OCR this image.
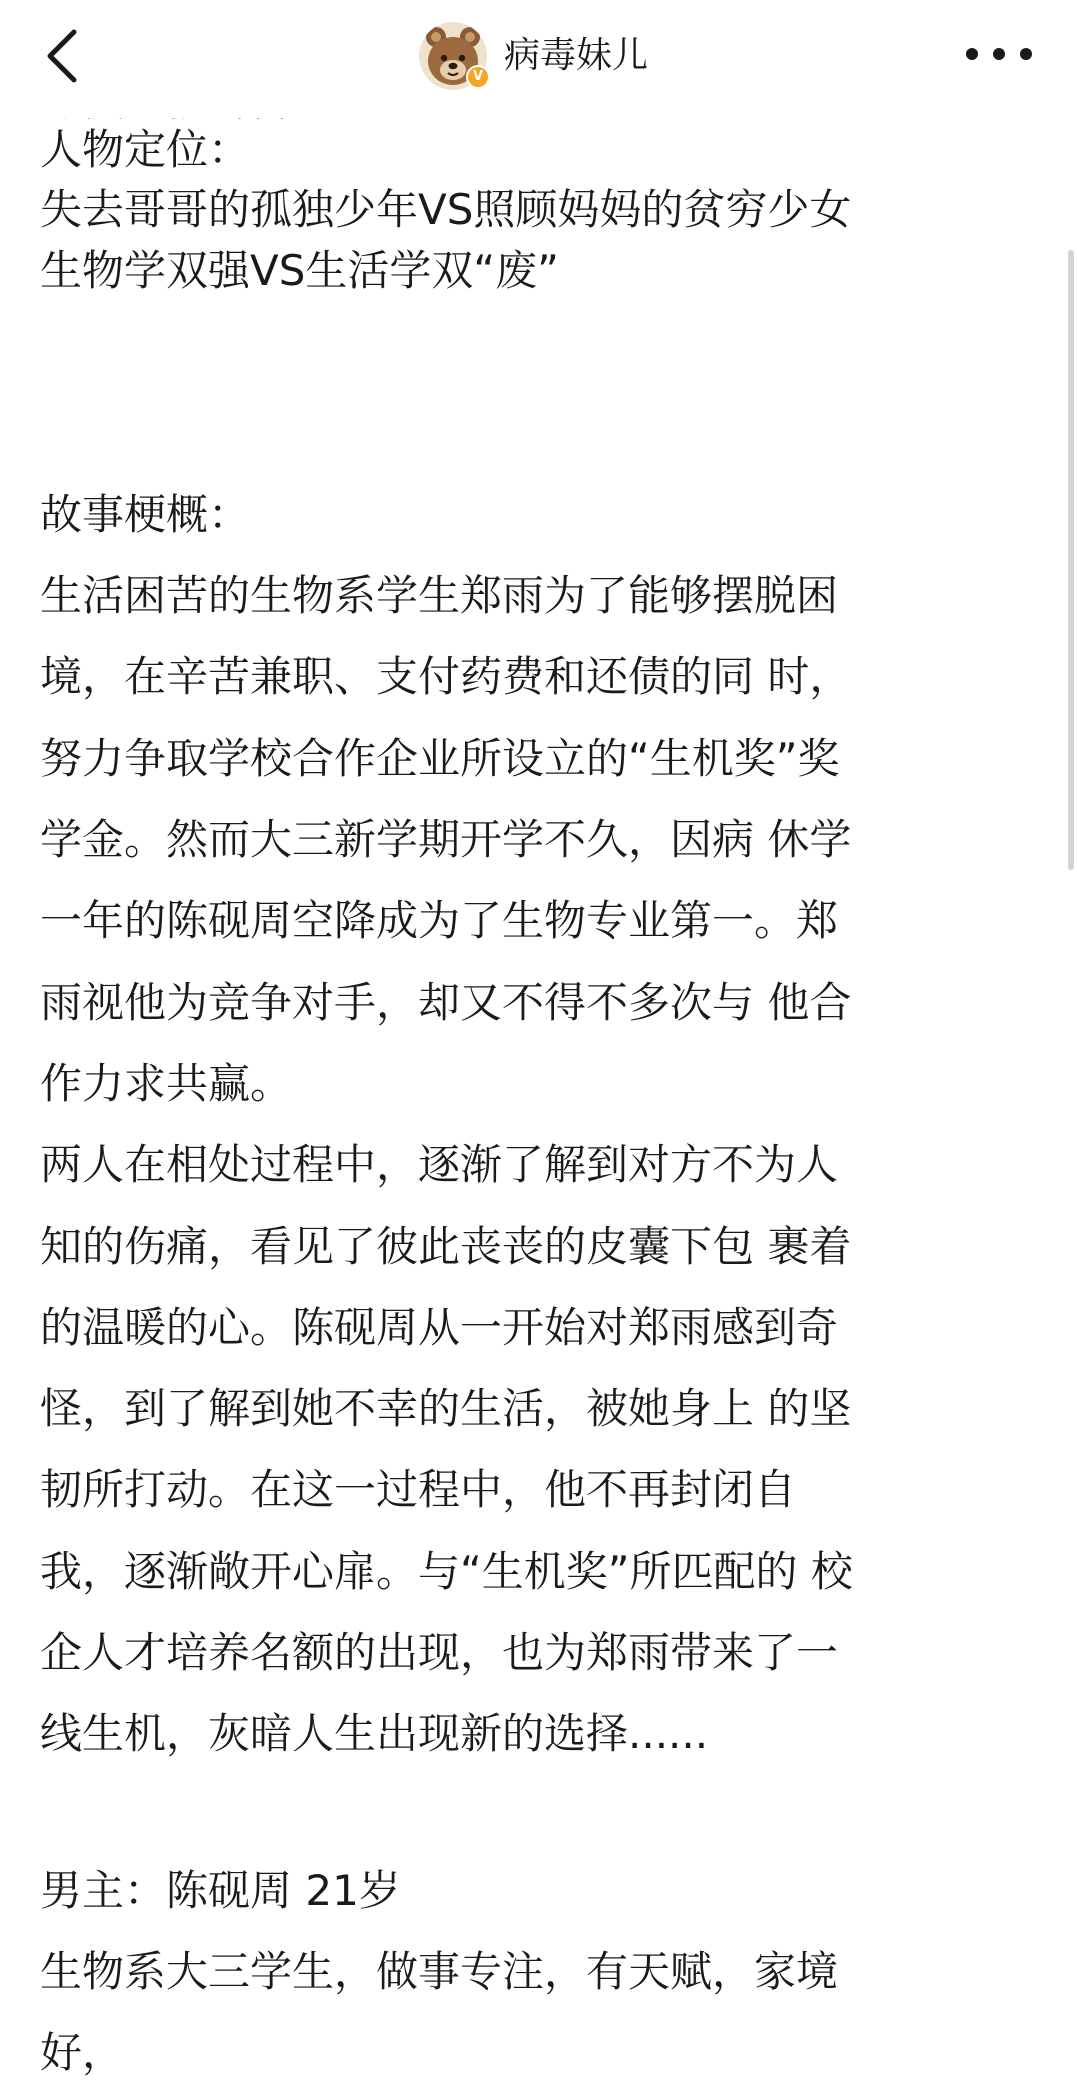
人物定位：
失去哥哥的孤独少年VS照顾妈妈的贫穷少女
生物学双强VS生活学双“废”
故事梗概：
生活困苦的生物系学生郑雨为了能够摆脱困
境，在辛苦兼职、支付药费和还债的同 时，
努力争取学校合作企业所设立的“生机奖”奖
学金。然而大三新学期开学不久，因病 休学
一年的陈砚周空降成为了生物专业第一。郑
雨视他为竞争对手，却又不得不多次与 他合
作力求共赢。
两人在相处过程中，逐渐了解到对方不为人
知的伤痛，看见了彼此丧丧的皮囊下包 裹着
的温暖的心。陈砚周从一开始对郑雨感到奇
怪，到了解到她不幸的生活，被她身上 的坚
韧所打动。在这一过程中，他不再封闭自
我，逐渐敞开心扉。与“生机奖”所匹配的 校
企人才培养名额的出现，也为郑雨带来了一
线生机，灰暗人生出现新的选择......
男主：陈砚周 21岁
生物系大三学生，做事专注，有天赋，家境
好，
V
病毒妹儿
